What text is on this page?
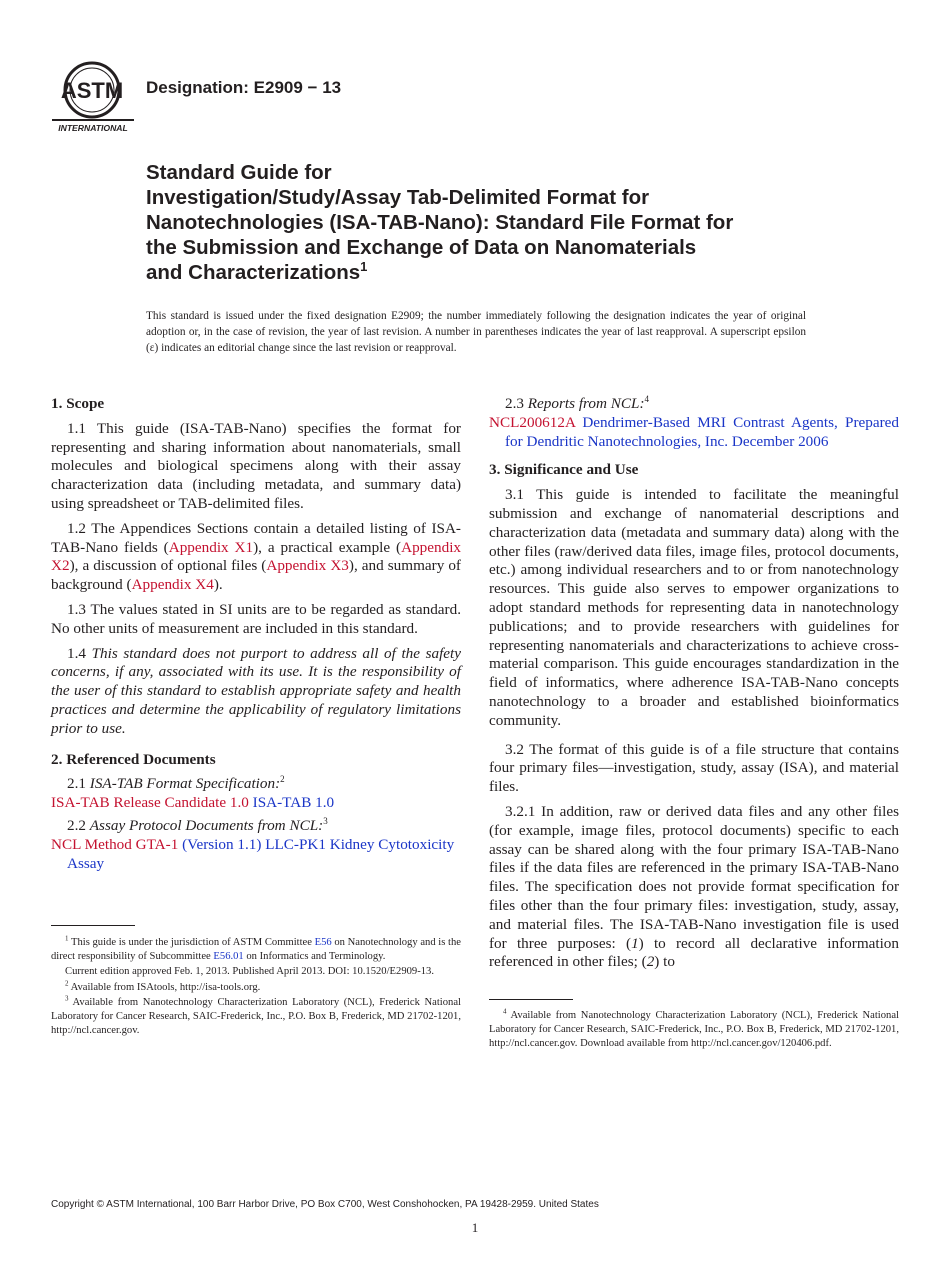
ASTM
INTERNATIONAL
Designation: E2909 − 13
Standard Guide for
Investigation/Study/Assay Tab-Delimited Format for
Nanotechnologies (ISA-TAB-Nano): Standard File Format for
the Submission and Exchange of Data on Nanomaterials
and Characterizations$^1$
This standard is issued under the fixed designation E2909; the number immediately following the designation indicates the year of original adoption or, in the case of revision, the year of last revision. A number in parentheses indicates the year of last reapproval. A superscript epsilon (ε) indicates an editorial change since the last revision or reapproval.
1. Scope

1.1 This guide (ISA-TAB-Nano) specifies the format for representing and sharing information about nanomaterials, small molecules and biological specimens along with their assay characterization data (including metadata, and summary data) using spreadsheet or TAB-delimited files.

1.2 The Appendices Sections contain a detailed listing of ISA-TAB-Nano fields (Appendix X1), a practical example (Appendix X2), a discussion of optional files (Appendix X3), and summary of background (Appendix X4).

1.3 The values stated in SI units are to be regarded as standard. No other units of measurement are included in this standard.

1.4 This standard does not purport to address all of the safety concerns, if any, associated with its use. It is the responsibility of the user of this standard to establish appropriate safety and health practices and determine the applicability of regulatory limitations prior to use.

2. Referenced Documents
2.1 ISA-TAB Format Specification:$^2$
ISA-TAB Release Candidate 1.0 ISA-TAB 1.0
2.2 Assay Protocol Documents from NCL:$^3$
NCL Method GTA-1 (Version 1.1) LLC-PK1 Kidney Cytotoxicity Assay

$^1$ This guide is under the jurisdiction of ASTM Committee E56 on Nanotechnology and is the direct responsibility of Subcommittee E56.01 on Informatics and Terminology.

Current edition approved Feb. 1, 2013. Published April 2013. DOI: 10.1520/E2909-13.

$^2$ Available from ISAtools, http://isa-tools.org.

$^3$ Available from Nanotechnology Characterization Laboratory (NCL), Frederick National Laboratory for Cancer Research, SAIC-Frederick, Inc., P.O. Box B, Frederick, MD 21702-1201, http://ncl.cancer.gov.

2.3 Reports from NCL:$^4$
NCL200612A Dendrimer-Based MRI Contrast Agents, Prepared for Dendritic Nanotechnologies, Inc. December 2006
3. Significance and Use

3.1 This guide is intended to facilitate the meaningful submission and exchange of nanomaterial descriptions and characterization data (metadata and summary data) along with the other files (raw/derived data files, image files, protocol documents, etc.) among individual researchers and to or from nanotechnology resources. This guide also serves to empower organizations to adopt standard methods for representing data in nanotechnology publications; and to provide researchers with guidelines for representing nanomaterials and characterizations to achieve cross-material comparison. This guide encourages standardization in the field of informatics, where adherence ISA-TAB-Nano concepts nanotechnology to a broader and established bioinformatics community.

3.2 The format of this guide is of a file structure that contains four primary files—investigation, study, assay (ISA), and material files.

3.2.1 In addition, raw or derived data files and any other files (for example, image files, protocol documents) specific to each assay can be shared along with the four primary ISA-TAB-Nano files if the data files are referenced in the primary ISA-TAB-Nano files. The specification does not provide format specification for files other than the four primary files: investigation, study, assay, and material files. The ISA-TAB-Nano investigation file is used for three purposes: (1) to record all declarative information referenced in other files; (2) to

$^4$ Available from Nanotechnology Characterization Laboratory (NCL), Frederick National Laboratory for Cancer Research, SAIC-Frederick, Inc., P.O. Box B, Frederick, MD 21702-1201, http://ncl.cancer.gov. Download available from http://ncl.cancer.gov/120406.pdf.

Copyright © ASTM International, 100 Barr Harbor Drive, PO Box C700, West Conshohocken, PA 19428-2959. United States
1
